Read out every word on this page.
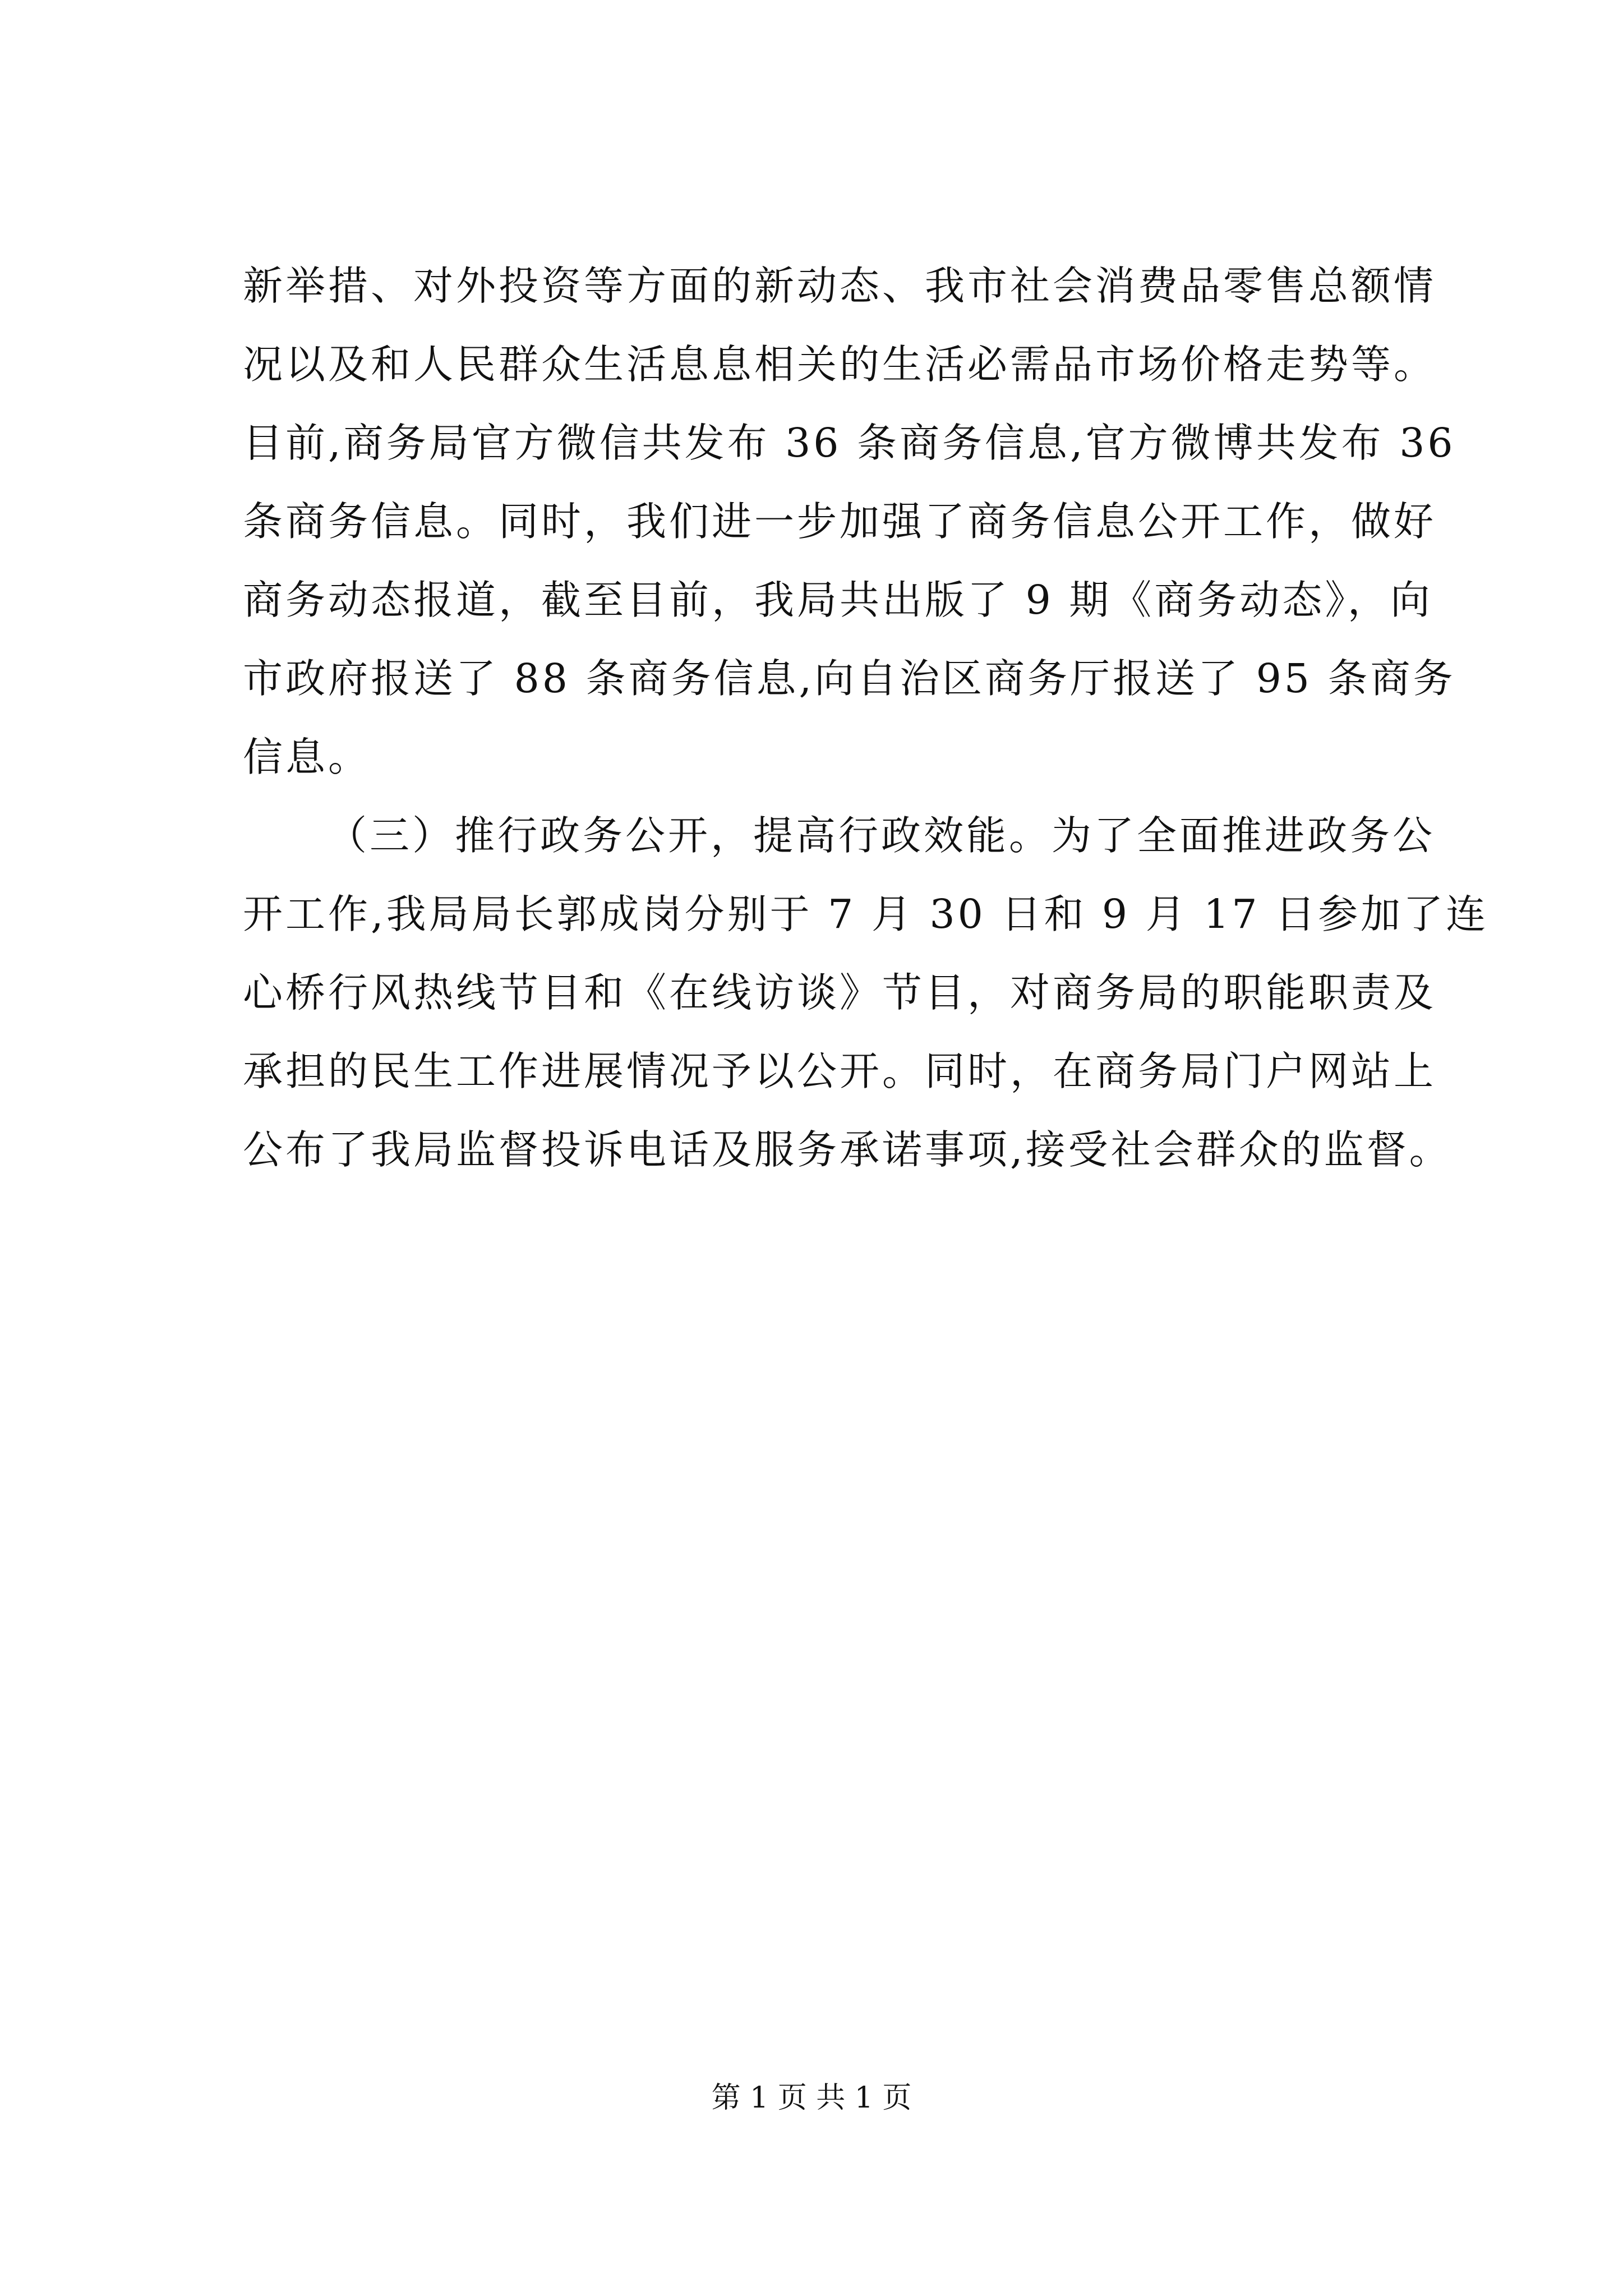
新举措、对外投资等方面的新动态、我市社会消费品零售总额情
况以及和人民群众生活息息相关的生活必需品市场价格走势等。
目前,商务局官方微信共发布 36 条商务信息,官方微博共发布 36
条商务信息。同时，我们进一步加强了商务信息公开工作，做好
商务动态报道，截至目前，我局共出版了 9 期《商务动态》，向
市政府报送了 88 条商务信息,向自治区商务厅报送了 95 条商务
信息。
（三）推行政务公开，提高行政效能。为了全面推进政务公
开工作,我局局长郭成岗分别于 7 月 30 日和 9 月 17 日参加了连
心桥行风热线节目和《在线访谈》节目，对商务局的职能职责及
承担的民生工作进展情况予以公开。同时，在商务局门户网站上
公布了我局监督投诉电话及服务承诺事项,接受社会群众的监督。
第 1 页 共 1 页
